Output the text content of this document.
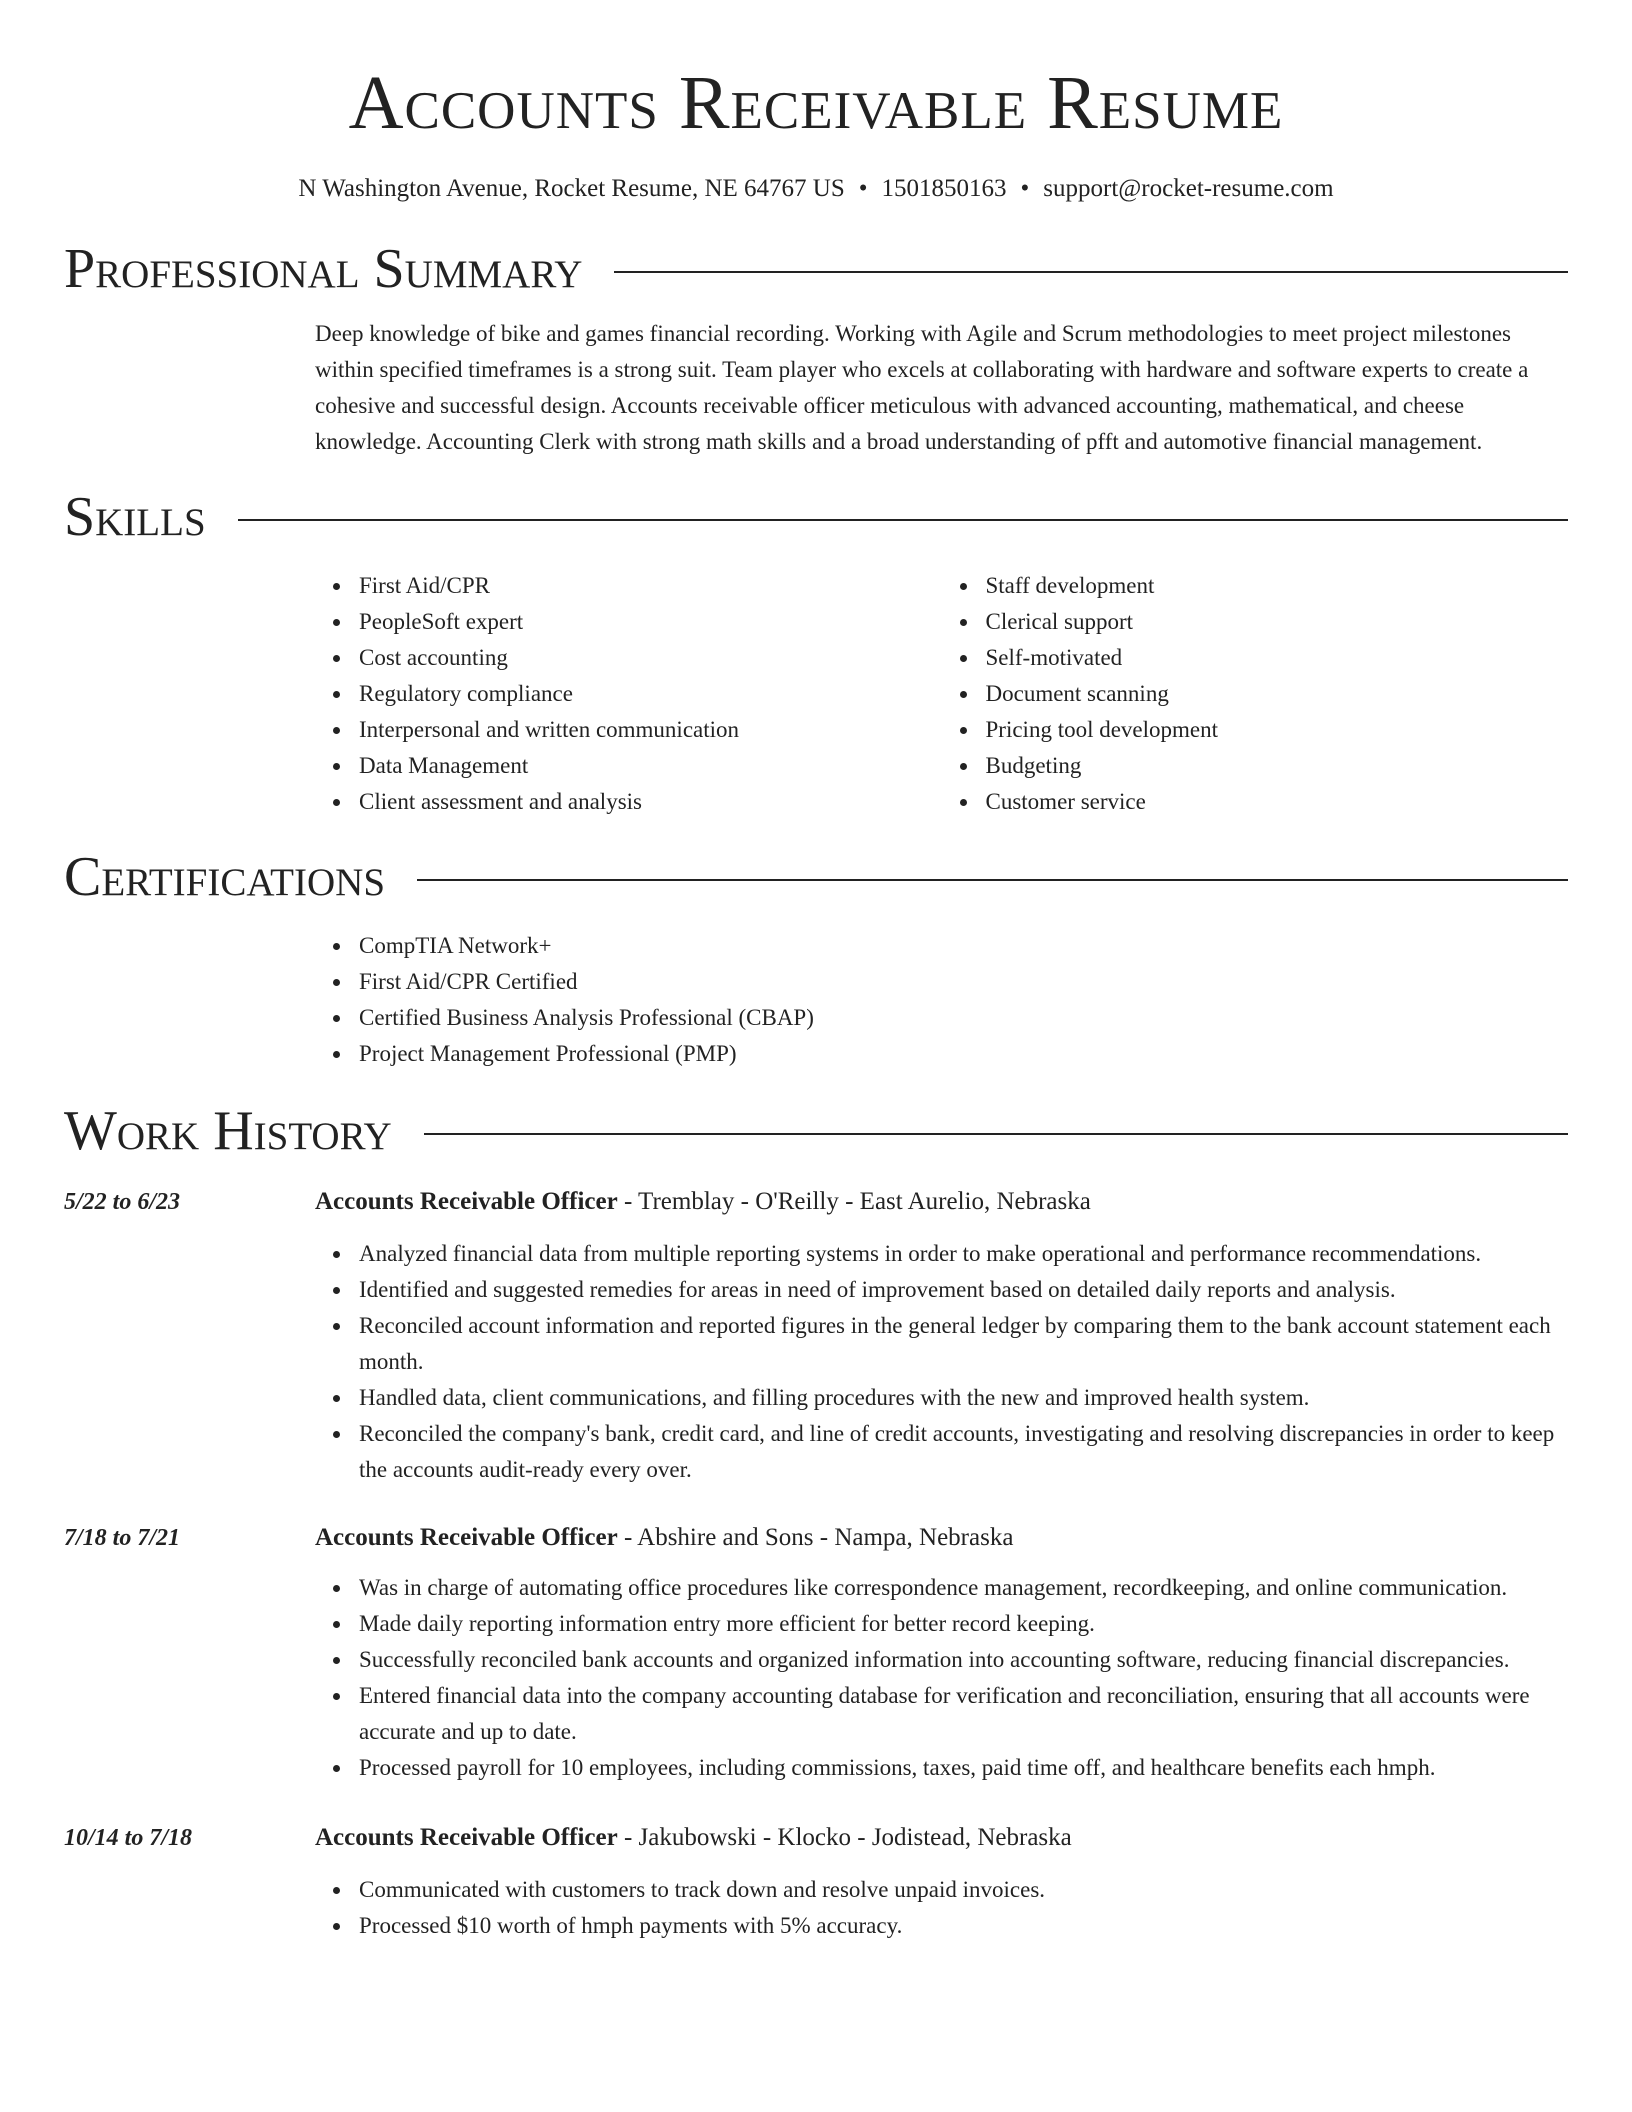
Accounts Receivable Resume
N Washington Avenue, Rocket Resume, NE 64767 US • 1501850163 • support@rocket-resume.com
Professional Summary
Deep knowledge of bike and games financial recording. Working with Agile and Scrum methodologies to meet project milestones within specified timeframes is a strong suit. Team player who excels at collaborating with hardware and software experts to create a cohesive and successful design. Accounts receivable officer meticulous with advanced accounting, mathematical, and cheese knowledge. Accounting Clerk with strong math skills and a broad understanding of pfft and automotive financial management.
Skills
First Aid/CPR
PeopleSoft expert
Cost accounting
Regulatory compliance
Interpersonal and written communication
Data Management
Client assessment and analysis
Staff development
Clerical support
Self-motivated
Document scanning
Pricing tool development
Budgeting
Customer service
Certifications
CompTIA Network+
First Aid/CPR Certified
Certified Business Analysis Professional (CBAP)
Project Management Professional (PMP)
Work History
5/22 to 6/23	Accounts Receivable Officer - Tremblay - O'Reilly - East Aurelio, Nebraska
Analyzed financial data from multiple reporting systems in order to make operational and performance recommendations.
Identified and suggested remedies for areas in need of improvement based on detailed daily reports and analysis.
Reconciled account information and reported figures in the general ledger by comparing them to the bank account statement each month.
Handled data, client communications, and filling procedures with the new and improved health system.
Reconciled the company's bank, credit card, and line of credit accounts, investigating and resolving discrepancies in order to keep the accounts audit-ready every over.
7/18 to 7/21	Accounts Receivable Officer - Abshire and Sons - Nampa, Nebraska
Was in charge of automating office procedures like correspondence management, recordkeeping, and online communication.
Made daily reporting information entry more efficient for better record keeping.
Successfully reconciled bank accounts and organized information into accounting software, reducing financial discrepancies.
Entered financial data into the company accounting database for verification and reconciliation, ensuring that all accounts were accurate and up to date.
Processed payroll for 10 employees, including commissions, taxes, paid time off, and healthcare benefits each hmph.
10/14 to 7/18	Accounts Receivable Officer - Jakubowski - Klocko - Jodistead, Nebraska
Communicated with customers to track down and resolve unpaid invoices.
Processed $10 worth of hmph payments with 5% accuracy.
